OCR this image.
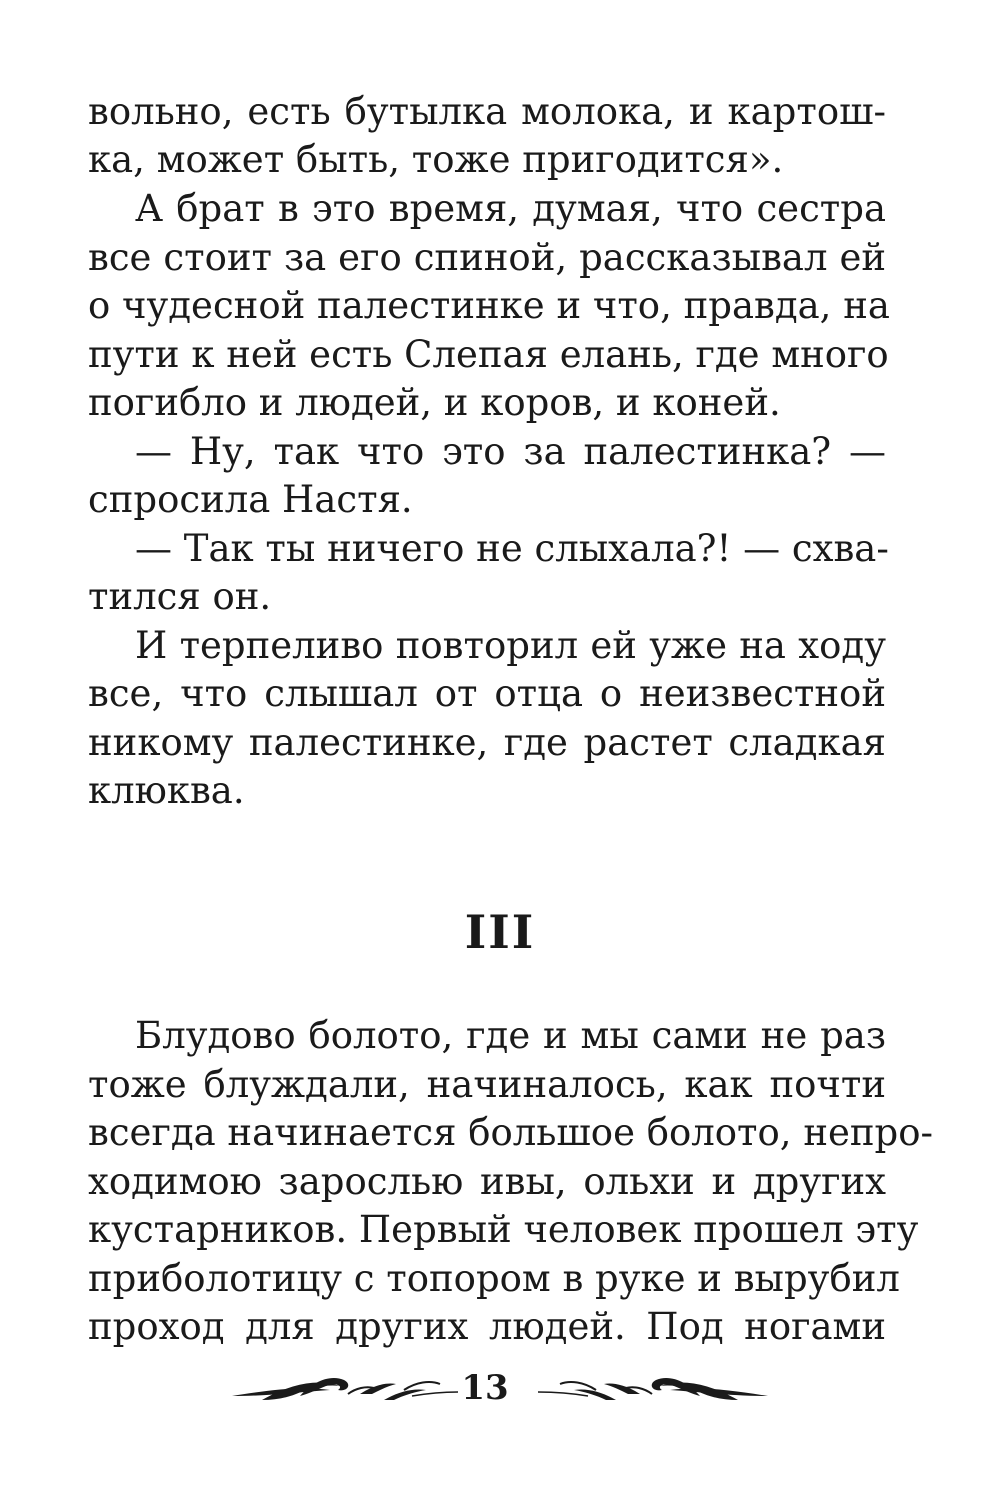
вольно, есть бутылка молока, и картош-
ка, может быть, тоже пригодится».
А брат в это время, думая, что сестра
все стоит за его спиной, рассказывал ей
о чудесной палестинке и что, правда, на
пути к ней есть Слепая елань, где много
погибло и людей, и коров, и коней.
— Ну, так что это за палестинка? —
спросила Настя.
— Так ты ничего не слыхала?! — схва-
тился он.
И терпеливо повторил ей уже на ходу
все, что слышал от отца о неизвестной
никому палестинке, где растет сладкая
клюква.
III
Блудово болото, где и мы сами не раз
тоже блуждали, начиналось, как почти
всегда начинается большое болото, непро-
ходимою зарослью ивы, ольхи и других
кустарников. Первый человек прошел эту
приболотицу с топором в руке и вырубил
проход для других людей. Под ногами
13
